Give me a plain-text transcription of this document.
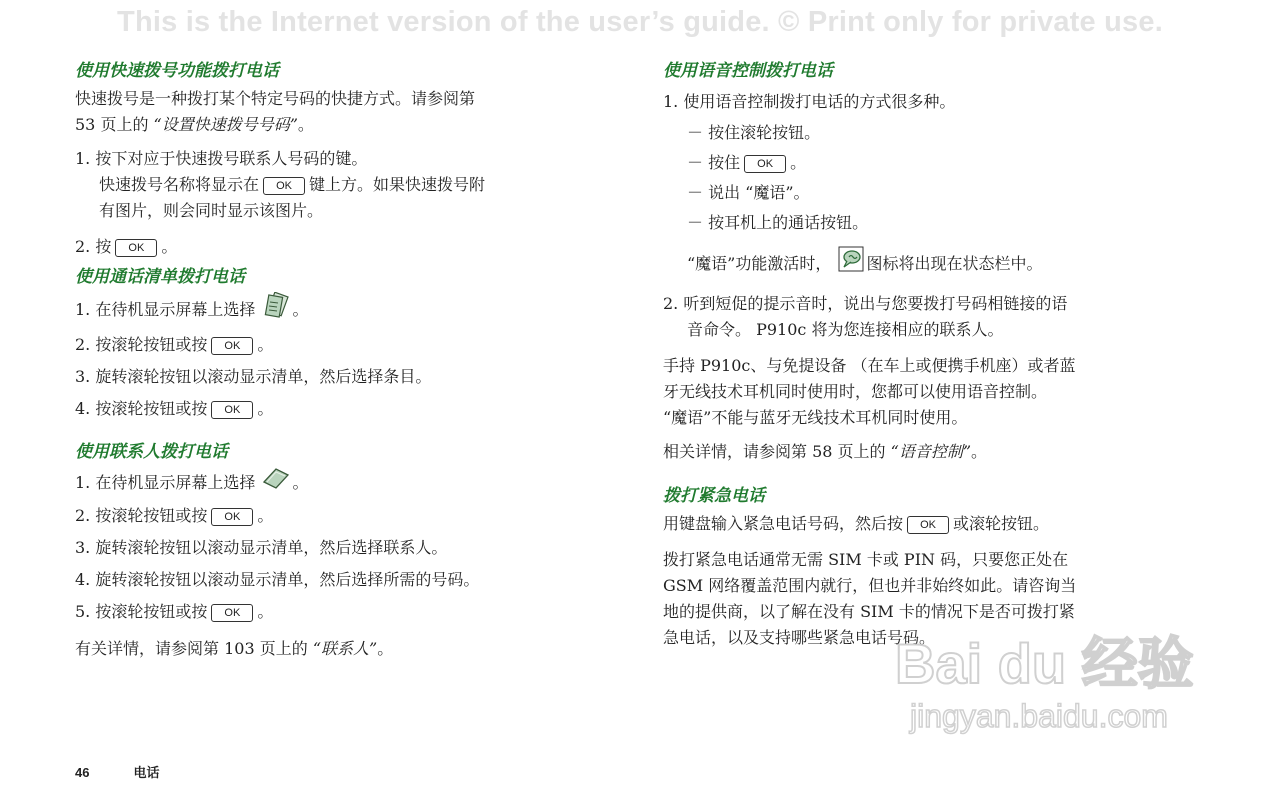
This is the Internet version of the user’s guide. © Print only for private use.
使用快速拨号功能拨打电话

快速拨号是一种拨打某个特定号码的快捷方式。请参阅第

53 页上的 “设置快速拨号号码”。

1. 按下对应于快速拨号联系人号码的键。

快速拨号名称将显示在 OK 键上方。如果快速拨号附
有图片，则会同时显示该图片。

2. 按 OK 。

使用通话清单拨打电话

1. 在待机显示屏幕上选择 。

2. 按滚轮按钮或按 OK 。

3. 旋转滚轮按钮以滚动显示清单，然后选择条目。

4. 按滚轮按钮或按 OK 。

使用联系人拨打电话

1. 在待机显示屏幕上选择 。

2. 按滚轮按钮或按 OK 。

3. 旋转滚轮按钮以滚动显示清单，然后选择联系人。

4. 旋转滚轮按钮以滚动显示清单，然后选择所需的号码。

5. 按滚轮按钮或按 OK 。

有关详情，请参阅第 103 页上的 “联系人”。

使用语音控制拨打电话

1. 使用语音控制拨打电话的方式很多种。

－ 按住滚轮按钮。

－ 按住 OK 。

－ 说出 “魔语”。

－ 按耳机上的通话按钮。

“魔语”功能激活时， 图标将出现在状态栏中。

2. 听到短促的提示音时，说出与您要拨打号码相链接的语
音命令。 P910c 将为您连接相应的联系人。

手持 P910c、与免提设备 （在车上或便携手机座）或者蓝

牙无线技术耳机同时使用时，您都可以使用语音控制。

“魔语”不能与蓝牙无线技术耳机同时使用。

相关详情，请参阅第 58 页上的 “语音控制”。

拨打紧急电话

用键盘输入紧急电话号码，然后按 OK 或滚轮按钮。

拨打紧急电话通常无需 SIM 卡或 PIN 码，只要您正处在

GSM 网络覆盖范围内就行，但也并非始终如此。请咨询当

地的提供商，以了解在没有 SIM 卡的情况下是否可拨打紧

急电话，以及支持哪些紧急电话号码。

Bai du 经验
jingyan.baidu.com
46	电话
